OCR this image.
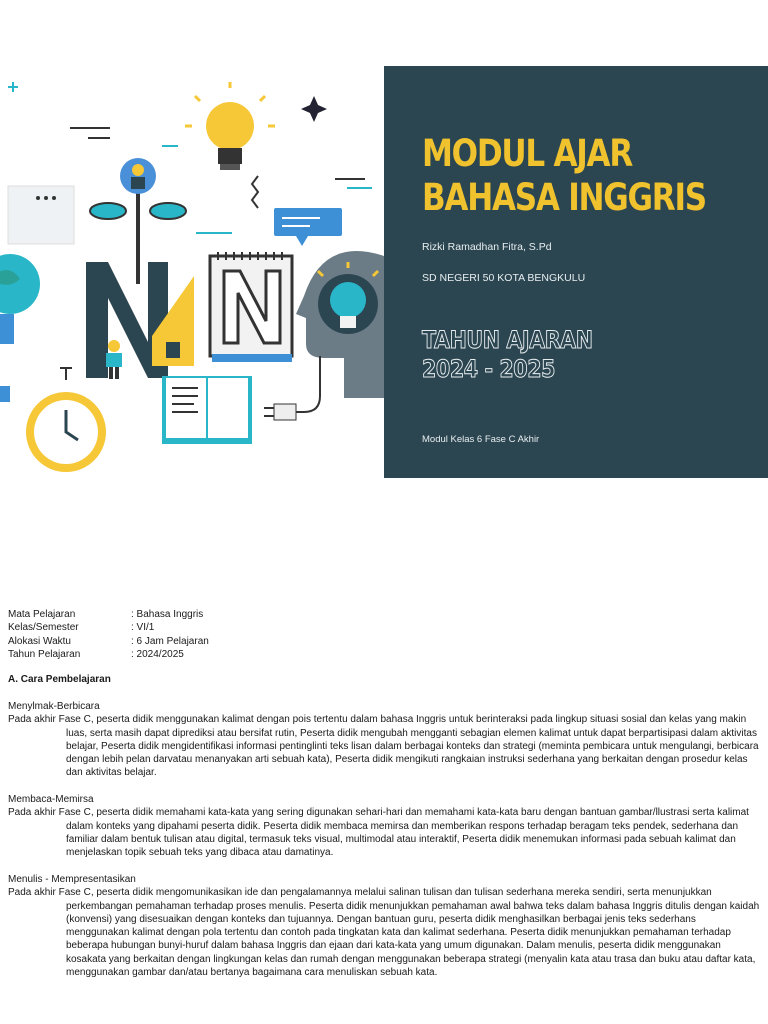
MODUL AJAR
BAHASA INGGRIS
Rizki Ramadhan Fitra, S.Pd
SD NEGERI 50 KOTA BENGKULU
TAHUN AJARAN
2024 - 2025
Modul Kelas 6 Fase C Akhir
Mata Pelajaran	: Bahasa Inggris
Kelas/Semester	: VI/1
Alokasi Waktu	: 6 Jam Pelajaran
Tahun Pelajaran	: 2024/2025
A. Cara Pembelajaran
Menylmak-Berbicara
Pada akhir Fase C, peserta didik menggunakan kalimat dengan pois tertentu dalam bahasa Inggris untuk berinteraksi pada lingkup situasi sosial dan kelas yang makin luas, serta masih dapat diprediksi atau bersifat rutin, Peserta didik mengubah mengganti sebagian elemen kalimat untuk dapat berpartisipasi dalam aktivitas belajar, Peserta didik mengidentifikasi informasi pentinglinti teks lisan dalam berbagai konteks dan strategi (meminta pembicara untuk mengulangi, berbicara dengan lebih pelan darvatau menanyakan arti sebuah kata), Peserta didik mengikuti rangkaian instruksi sederhana yang berkaitan dengan prosedur kelas dan aktivitas belajar.
Membaca-Memirsa
Pada akhir Fase C, peserta didik memahami kata-kata yang sering digunakan sehari-hari dan memahami kata-kata baru dengan bantuan gambar/llustrasi serta kalimat dalam konteks yang dipahami peserta didik. Peserta didik membaca memirsa dan memberikan respons terhadap beragam teks pendek, sederhana dan familiar dalam bentuk tulisan atau digital, termasuk teks visual, multimodal atau interaktif, Peserta didik menemukan informasi pada sebuah kalimat dan menjelaskan topik sebuah teks yang dibaca atau damatinya.
Menulis - Mempresentasikan
Pada akhir Fase C, peserta didik mengomunikasikan ide dan pengalamannya melalui salinan tulisan dan tulisan sederhana mereka sendiri, serta menunjukkan perkembangan pemahaman terhadap proses menulis. Peserta didik menunjukkan pemahaman awal bahwa teks dalam bahasa Inggris ditulis dengan kaidah (konvensi) yang disesuaikan dengan konteks dan tujuannya. Dengan bantuan guru, peserta didik menghasilkan berbagai jenis teks sederhans menggunakan kalimat dengan pola tertentu dan contoh pada tingkatan kata dan kalimat sederhana. Peserta didik menunjukkan pemahaman terhadap beberapa hubungan bunyi-huruf dalam bahasa Inggris dan ejaan dari kata-kata yang umum digunakan. Dalam menulis, peserta didik menggunakan kosakata yang berkaitan dengan lingkungan kelas dan rumah dengan menggunakan beberapa strategi (menyalin kata atau trasa dan buku atau daftar kata, menggunakan gambar dan/atau bertanya bagaimana cara menuliskan sebuah kata.
